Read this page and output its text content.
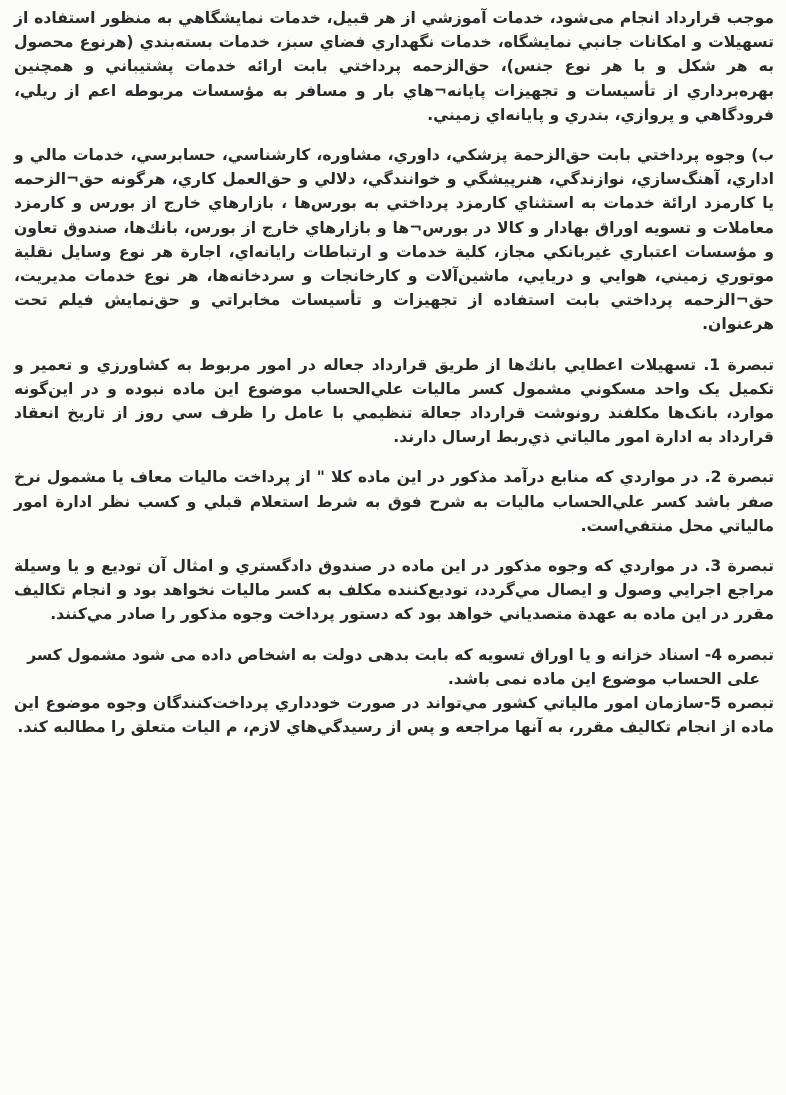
موجب قرارداد انجام می‌شود، خدمات آموزشي از هر قبيل، خدمات نمايشگاهي به منظور استفاده از تسهيلات و امكانات جانبي نمايشگاه، خدمات نگهداري فضاي سبز، خدمات بسته‌بندي (هرنوع محصول به هر شكل و با هر نوع جنس)، حق‌الزحمه پرداختي بابت ارائه خدمات پشتيباني و همچنين بهره‌برداري از تأسيسات و تجهيزات پايانه¬هاي بار و مسافر به مؤسسات مربوطه اعم از ريلي، فرودگاهي و پروازي، بندري و پايانه‌اي زميني.

ب) وجوه پرداختي بابت حق‌الزحمة پزشكي، داوري، مشاوره، كارشناسي، حسابرسي، خدمات مالي و اداري، آهنگ‌سازي، نوازندگي، هنرپيشگي و خوانندگي، دلالي و حق‌العمل كاري، هرگونه حق¬الزحمه يا كارمزد ارائة خدمات به استثناي كارمزد پرداختي به بورس‌ها ، بازارهاي خارج از بورس و كارمزد معاملات و تسويه اوراق بهادار و كالا در بورس¬ها و بازارهاي خارج از بورس، بانك‌ها، صندوق تعاون و مؤسسات اعتباري غيربانكي مجاز، كلية خدمات و ارتباطات رايانه‌اي، اجارة هر نوع وسايل نقلية موتوري زميني، هوايي و دريايي، ماشين‌آلات و كارخانجات و سردخانه‌ها، هر نوع خدمات مديريت، حق¬الزحمه پرداختي بابت استفاده از تجهيزات و تأسيسات مخابراتي و حق‌نمايش فيلم تحت هرعنوان.

تبصرة 1. تسهيلات اعطايي بانك‌ها از طريق قرارداد جعاله در امور مربوط به كشاورزي و تعمير و تكميل يک واحد مسكوني مشمول كسر ماليات علي‌الحساب موضوع اين ماده نبوده و در اين‌گونه موارد، بانک‌ها مكلفند رونوشت قرارداد جعالة تنظيمي با عامل را ظرف سي روز از تاريخ انعقاد قرارداد به ادارة امور مالياتي ذي‌ربط ارسال دارند.

تبصرة 2. در مواردي كه منابع درآمد مذكور در اين ماده كلا " از پرداخت ماليات معاف يا مشمول نرخ صفر باشد كسر علي‌الحساب ماليات به شرح فوق به شرط استعلام قبلي و كسب نظر ادارة امور مالياتي محل منتفي‌است.

تبصرة 3. در مواردي كه وجوه مذكور در اين ماده در صندوق دادگستري و امثال آن توديع و يا وسيلة مراجع اجرايي وصول و ايصال مي‌گردد، توديع‌كننده مكلف به كسر ماليات نخواهد بود و انجام تكاليف مقرر در اين ماده به عهدة متصدياني خواهد بود كه دستور پرداخت وجوه مذكور را صادر مي‌كنند.

تبصره 4- اسناد خزانه و يا اوراق تسويه كه بابت بدهی دولت به اشخاص داده می شود مشمول كسر

على الحساب موضوع اين ماده نمى باشد.

تبصره 5-سازمان امور مالياتي كشور مي‌تواند در صورت خودداري پرداخت‌كنندگان وجوه موضوع اين ماده از انجام تكاليف مقرر، به آنها مراجعه و پس از رسيدگي‌هاي لازم، م اليات متعلق را مطالبه كند.
